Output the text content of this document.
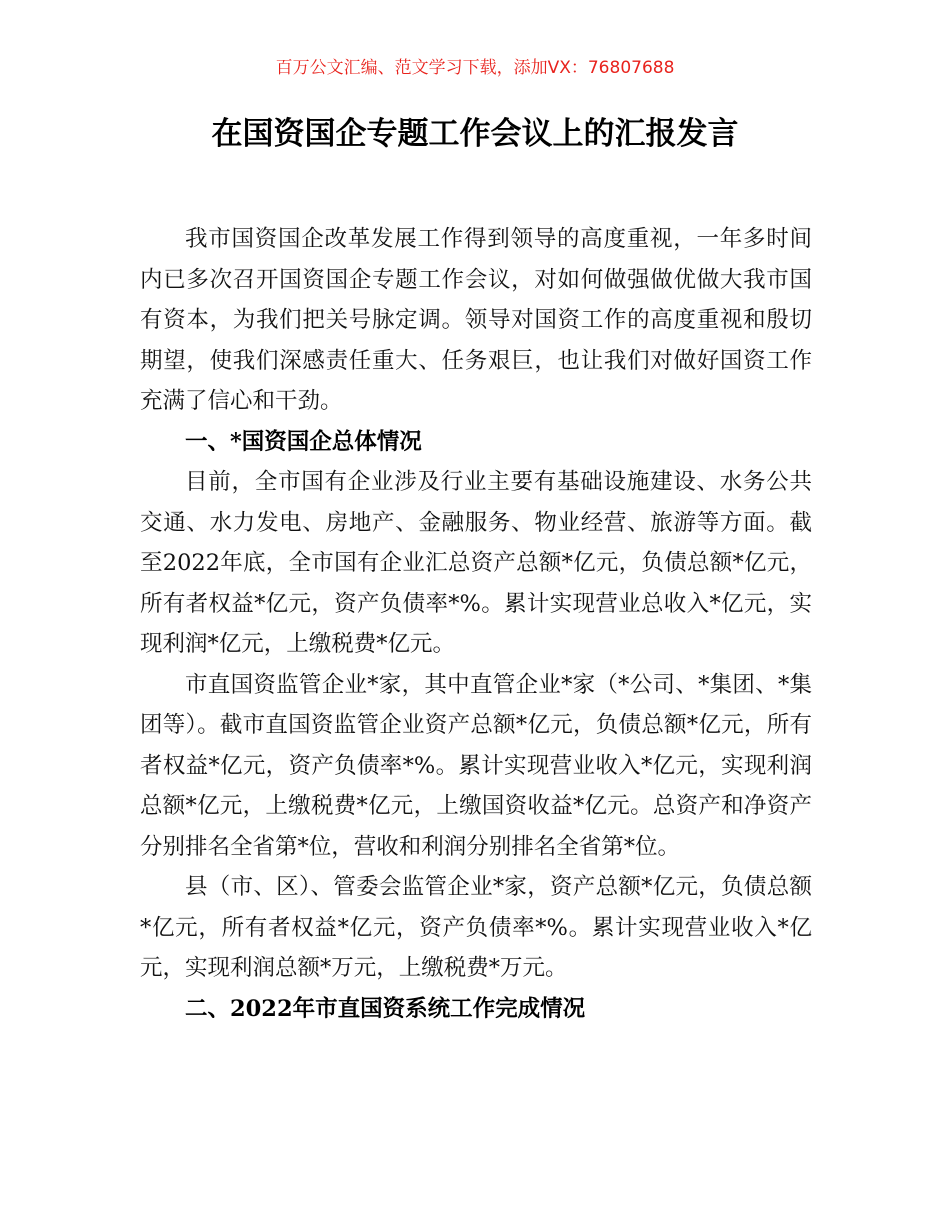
百万公文汇编、范文学习下载，添加VX：76807688
在国资国企专题工作会议上的汇报发言

我市国资国企改革发展工作得到领导的高度重视，一年多时间内已多次召开国资国企专题工作会议，对如何做强做优做大我市国有资本，为我们把关号脉定调。领导对国资工作的高度重视和殷切期望，使我们深感责任重大、任务艰巨，也让我们对做好国资工作充满了信心和干劲。

一、*国资国企总体情况

目前，全市国有企业涉及行业主要有基础设施建设、水务公共交通、水力发电、房地产、金融服务、物业经营、旅游等方面。截至2022年底，全市国有企业汇总资产总额*亿元，负债总额*亿元，所有者权益*亿元，资产负债率*%。累计实现营业总收入*亿元，实现利润*亿元，上缴税费*亿元。

市直国资监管企业*家，其中直管企业*家（*公司、*集团、*集团等）。截市直国资监管企业资产总额*亿元，负债总额*亿元，所有者权益*亿元，资产负债率*%。累计实现营业收入*亿元，实现利润总额*亿元，上缴税费*亿元，上缴国资收益*亿元。总资产和净资产分别排名全省第*位，营收和利润分别排名全省第*位。

县（市、区）、管委会监管企业*家，资产总额*亿元，负债总额*亿元，所有者权益*亿元，资产负债率*%。累计实现营业收入*亿元，实现利润总额*万元，上缴税费*万元。

二、2022年市直国资系统工作完成情况
